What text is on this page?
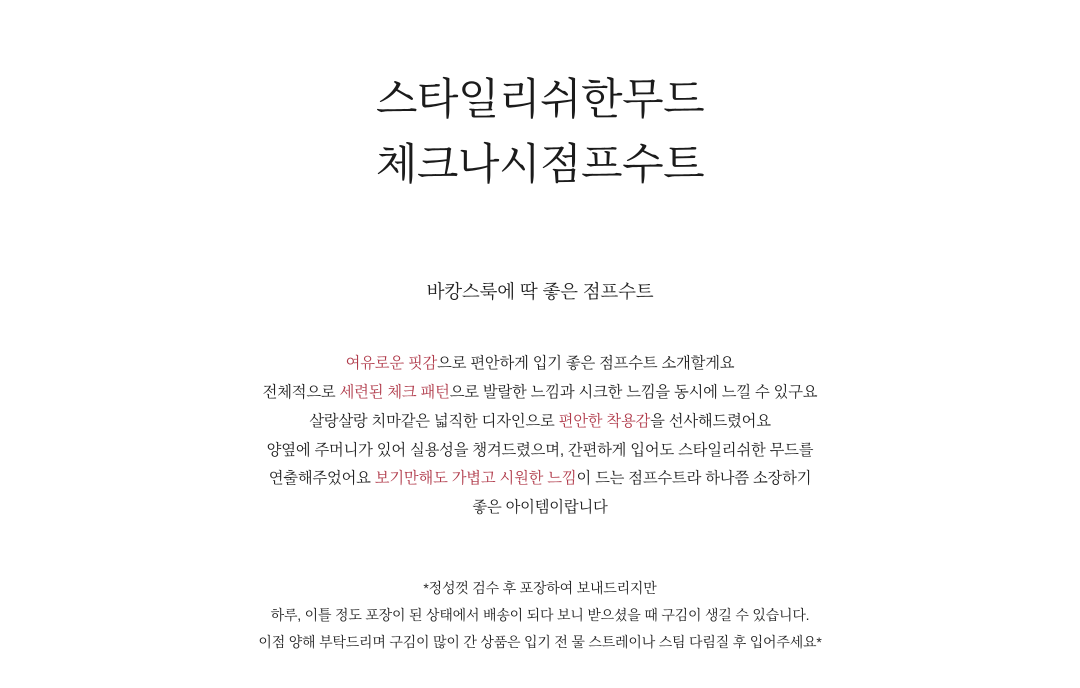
스타일리쉬한무드
체크나시점프수트
바캉스룩에 딱 좋은 점프수트
여유로운 핏감으로 편안하게 입기 좋은 점프수트 소개할게요
전체적으로 세련된 체크 패턴으로 발랄한 느낌과 시크한 느낌을 동시에 느낄 수 있구요
살랑살랑 치마같은 넓직한 디자인으로 편안한 착용감을 선사해드렸어요
양옆에 주머니가 있어 실용성을 챙겨드렸으며, 간편하게 입어도 스타일리쉬한 무드를
연출해주었어요 보기만해도 가볍고 시원한 느낌이 드는 점프수트라 하나쯤 소장하기
좋은 아이템이랍니다
*정성껏 검수 후 포장하여 보내드리지만
하루, 이틀 정도 포장이 된 상태에서 배송이 되다 보니 받으셨을 때 구김이 생길 수 있습니다.
이점 양해 부탁드리며 구김이 많이 간 상품은 입기 전 물 스트레이나 스팀 다림질 후 입어주세요*
